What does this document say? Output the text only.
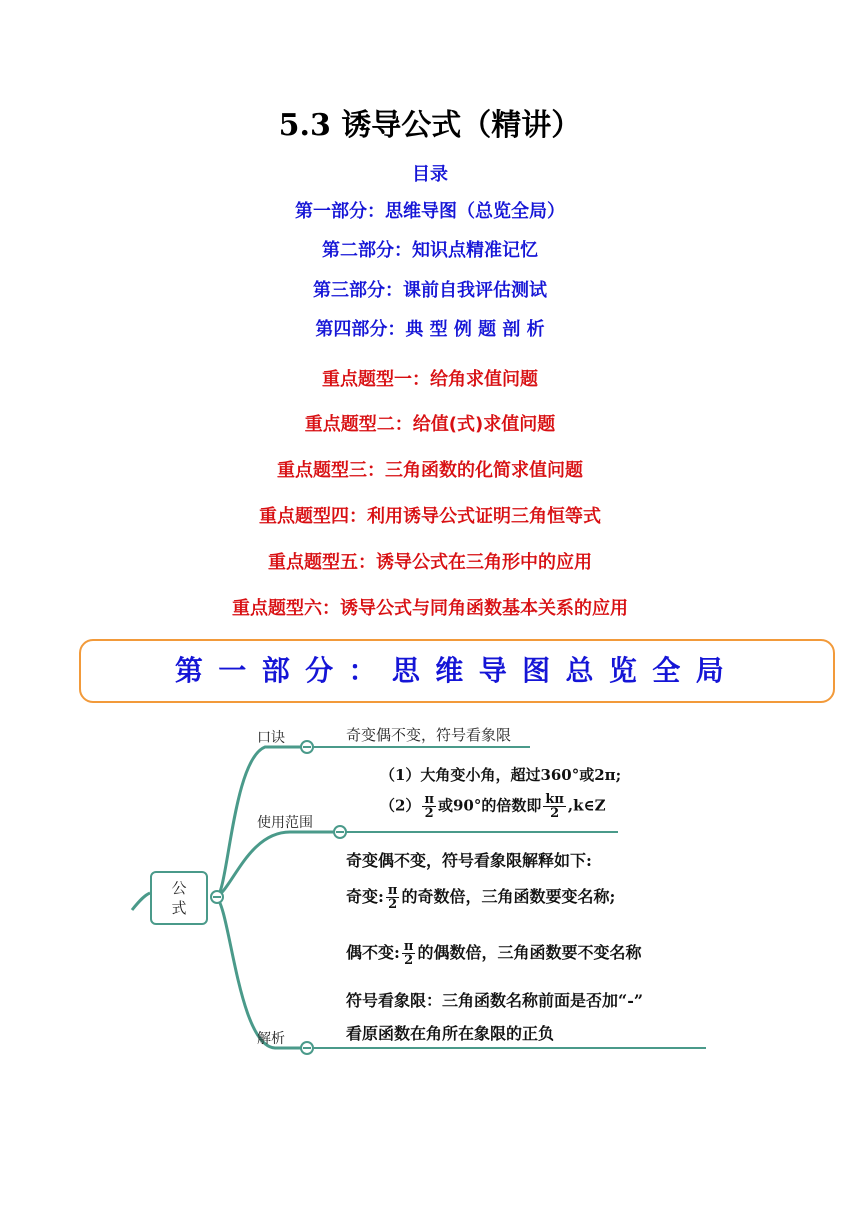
5.3 诱导公式（精讲）
目录
第一部分：思维导图（总览全局）
第二部分：知识点精准记忆
第三部分：课前自我评估测试
第四部分：典 型 例 题 剖 析
重点题型一：给角求值问题
重点题型二：给值(式)求值问题
重点题型三：三角函数的化简求值问题
重点题型四：利用诱导公式证明三角恒等式
重点题型五：诱导公式在三角形中的应用
重点题型六：诱导公式与同角函数基本关系的应用
第一部分：思维导图总览全局
公
式
口诀
使用范围
解析
奇变偶不变，符号看象限
（1）大角变小角，超过360°或2π;
$(2) \frac{\pi}{2}$ 或90°的倍数即 $\frac{k\pi}{2}$ ,k∈Z
奇变偶不变，符号看象限解释如下:
奇变: $\frac{\pi}{2}$ 的奇数倍，三角函数要变名称;
偶不变: $\frac{\pi}{2}$ 的偶数倍，三角函数要不变名称
符号看象限：三角函数名称前面是否加“-”
看原函数在角所在象限的正负
